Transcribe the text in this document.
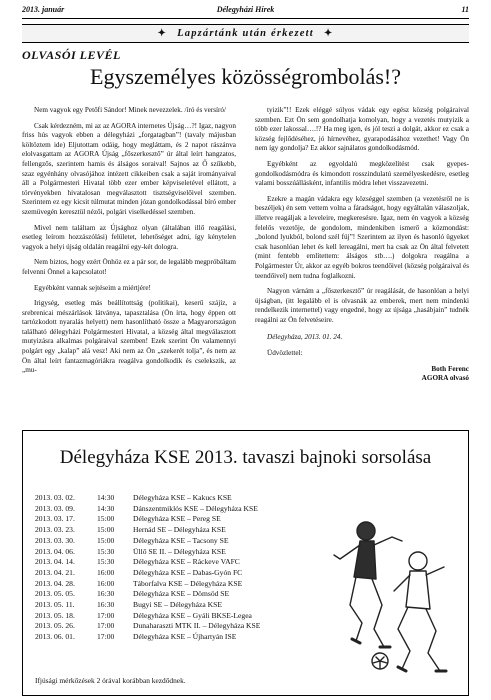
2013. január	Délegyházi Hírek	11
✦ Lapzártánk után érkezett ✦
OLVASÓI LEVÉL
Egyszemélyes közösségrombolás!?

Nem vagyok egy Petőfi Sándor! Minek nevezzelek. /író és versíró/

Csak kérdezném, mi az az AGORA internetes Újság…?! Igaz, nagyon friss hús vagyok ebben a délegyházi „forgatagban”! (tavaly májusban költöztem ide) Eljutottam odáig, hogy megláttam, és 2 napot rászánva elolvasgattam az AGORA Újság „főszerkesztő” úr által leírt hangzatos, fellengzős, szerintem hamis és álságos soraival! Sajnos az Ő szűkebb, szaz egyénhány olvasójához intézett cikkeiben csak a saját irományaival áll a Polgármesteri Hivatal több ezer ember képviseletével ellátott, a törvényekben hivatalosan megválasztott tisztségviselőivel szemben. Szerintem ez egy kicsit túlmutat minden józan gondolkodással bíró ember szemüvegén keresztül nézői, polgári viselkedéssel szemben.

Mivel nem találtam az Újsághoz olyan (általában illő reagálási, esetleg leírom hozzászólási) felületet, lehetőséget adni, így kénytelen vagyok a helyi újság oldalán reagálni egy-két dologra.

Nem biztos, hogy ezért Önhöz ez a pár sor, de legalább megpróbáltam felvenni Önnel a kapcsolatot!

Egyébként vannak sejtéseim a miértjére!

Irigység, esetleg más beállítottság (politikai), keserű szájíz, a srebrenicai mészárlások látványa, tapasztalása (Ön írta, hogy éppen ott tartózkodott nyaralás helyett) nem hasonlítható össze a Magyarországon található délegyházi Polgármesteri Hivatal, a község által megválasztott mutyizásra alkalmas polgáraival szemben! Ezek szerint Ön valamennyi polgárt egy „kalap” alá vesz! Aki nem az Ön „szekerét tolja”, és nem az Ön által leírt fantazmagóriákra reagálva gondolkodik és cselekszik, az „mu-

tyizik”!! Ezek eléggé súlyos vádak egy egész község polgáraival szemben. Ezt Ön sem gondolhatja komolyan, hogy a vezetés mutyizik a több ezer lakossal….!? Ha meg igen, és jól teszi a dolgát, akkor ez csak a község fejlődéséhez, jó hírnevéhez, gyarapodásához vezethet! Vagy Ön nem így gondolja? Ez akkor sajnálatos gondolkodásmód.

Egyébként az egyoldalú megközelítést csak gyepes-gondolkodásmódra és kimondott rosszindulatú személyeskedésre, esetleg valami bosszúállásként, infantilis módra lehet visszavezetni.

Ezekre a magán vádakra egy községgel szemben (a vezetésről ne is beszéljek) én sem vettem volna a fáradságot, hogy egyáltalán válaszoljak, illetve reagáljak a leveleire, megkeresésre. Igaz, nem én vagyok a község felelős vezetője, de gondolom, mindenkiben ismerő a közmondást: „bolond lyukból, bolond szél fúj”! Szerintem az ilyen és hasonló ügyeket csak hasonlóan lehet és kell lereagálni, mert ha csak az Ön által felvetett (mint fentebb említettem: álságos stb….) dolgokra reagálna a Polgármester Úr, akkor az egyéb bokros teendőivel (község polgáraival és teendőivel) nem tudna foglalkozni.

Nagyon várnám a „főszerkesztő” úr reagálását, de hasonlóan a helyi újságban, (itt legalább el is olvasnák az emberek, mert nem mindenki rendelkezik internettel) vagy engedné, hogy az újsága „hasábjain” tudnék reagálni az Ön felvetéseire.

Délegyháza, 2013. 01. 24.

Üdvözlettel:

Both Ferenc

AGORA olvasó

Délegyháza KSE 2013. tavaszi bajnoki sorsolása
2013. 03. 02.	14:30	Délegyháza KSE – Kakucs KSE
2013. 03. 09.	14:30	Dánszentmiklós KSE – Délegyháza KSE
2013. 03. 17.	15:00	Délegyháza KSE – Pereg SE
2013. 03. 23.	15:00	Hernád SE – Délegyháza KSE
2013. 03. 30.	15:00	Délegyháza KSE – Tacsony SE
2013. 04. 06.	15:30	Üllő SE II. – Délegyháza KSE
2013. 04. 14.	15:30	Délegyháza KSE – Ráckeve VAFC
2013. 04. 21.	16:00	Délegyháza KSE – Dabas-Gyón FC
2013. 04. 28.	16:00	Táborfalva KSE – Délegyháza KSE
2013. 05. 05.	16:30	Délegyháza KSE – Dömsöd SE
2013. 05. 11.	16:30	Bugyi SE – Délegyháza KSE
2013. 05. 18.	17:00	Délegyháza KSE – Gyáli BKSE-Legea
2013. 05. 26.	17:00	Dunaharaszti MTK II. – Délegyháza KSE
2013. 06. 01.	17:00	Délegyháza KSE – Újhartyán ISE
Ifjúsági mérkőzések 2 órával korábban kezdődnek.
